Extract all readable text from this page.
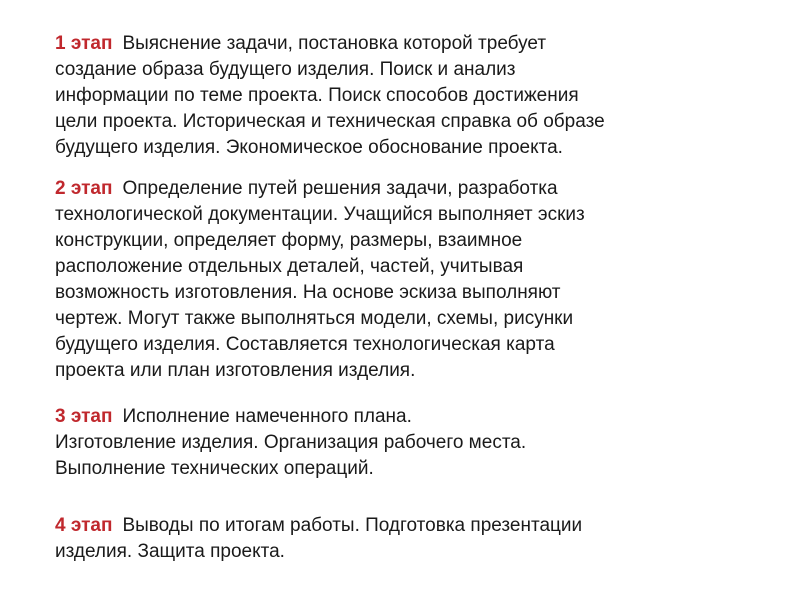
1 этап Выяснение задачи, постановка которой требует
создание образа будущего изделия. Поиск и анализ
информации по теме проекта. Поиск способов достижения
цели проекта. Историческая и техническая справка об образе
будущего изделия. Экономическое обоснование проекта.
2 этап Определение путей решения задачи, разработка
технологической документации. Учащийся выполняет эскиз
конструкции, определяет форму, размеры, взаимное
расположение отдельных деталей, частей, учитывая
возможность изготовления. На основе эскиза выполняют
чертеж. Могут также выполняться модели, схемы, рисунки
будущего изделия. Составляется технологическая карта
проекта или план изготовления изделия.
3 этап Исполнение намеченного плана.
Изготовление изделия. Организация рабочего места.
Выполнение технических операций.
4 этап Выводы по итогам работы. Подготовка презентации
изделия. Защита проекта.
